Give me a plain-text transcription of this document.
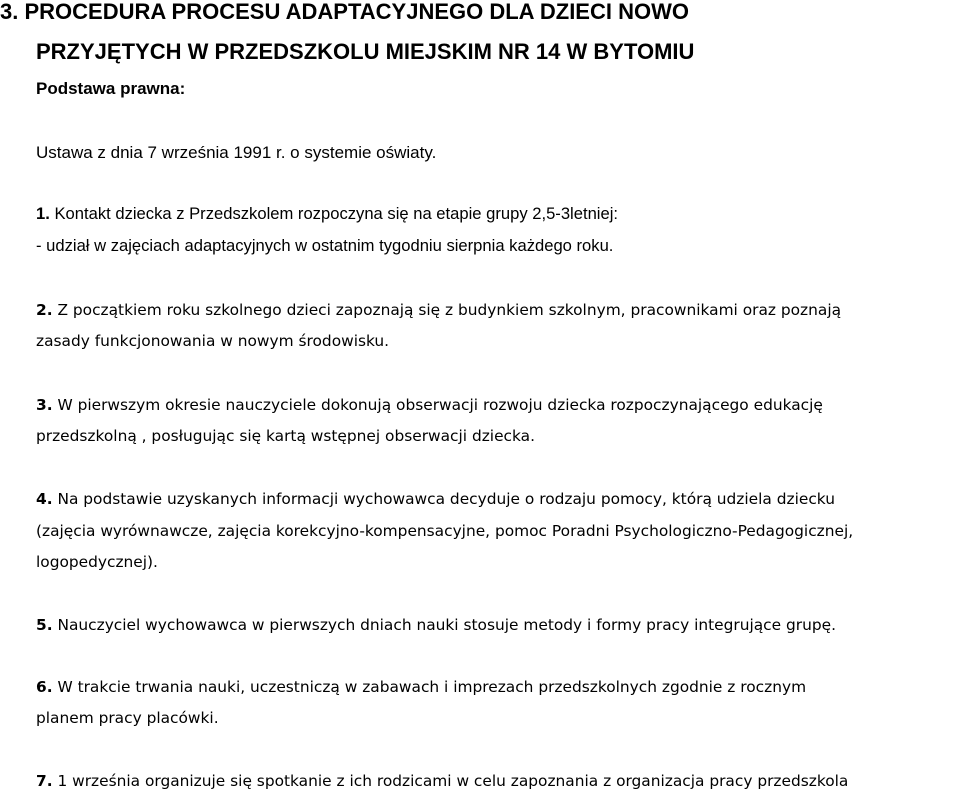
3. PROCEDURA PROCESU ADAPTACYJNEGO DLA DZIECI NOWO
PRZYJĘTYCH W PRZEDSZKOLU MIEJSKIM NR 14 W BYTOMIU
Podstawa prawna:
Ustawa z dnia 7 września 1991 r. o systemie oświaty.
1. Kontakt dziecka z Przedszkolem rozpoczyna się na etapie grupy 2,5-3letniej:
- udział w zajęciach adaptacyjnych w ostatnim tygodniu sierpnia każdego roku.
2. Z początkiem roku szkolnego dzieci zapoznają się z budynkiem szkolnym, pracownikami oraz poznają
zasady funkcjonowania w nowym środowisku.
3. W pierwszym okresie nauczyciele dokonują obserwacji rozwoju dziecka rozpoczynającego edukację
przedszkolną , posługując się kartą wstępnej obserwacji dziecka.
4. Na podstawie uzyskanych informacji wychowawca decyduje o rodzaju pomocy, którą udziela dziecku
(zajęcia wyrównawcze, zajęcia korekcyjno-kompensacyjne, pomoc Poradni Psychologiczno-Pedagogicznej,
logopedycznej).
5. Nauczyciel wychowawca w pierwszych dniach nauki stosuje metody i formy pracy integrujące grupę.
6. W trakcie trwania nauki, uczestniczą w zabawach i imprezach przedszkolnych zgodnie z rocznym
planem pracy placówki.
7. 1 września organizuje się spotkanie z ich rodzicami w celu zapoznania z organizacja pracy przedszkola
